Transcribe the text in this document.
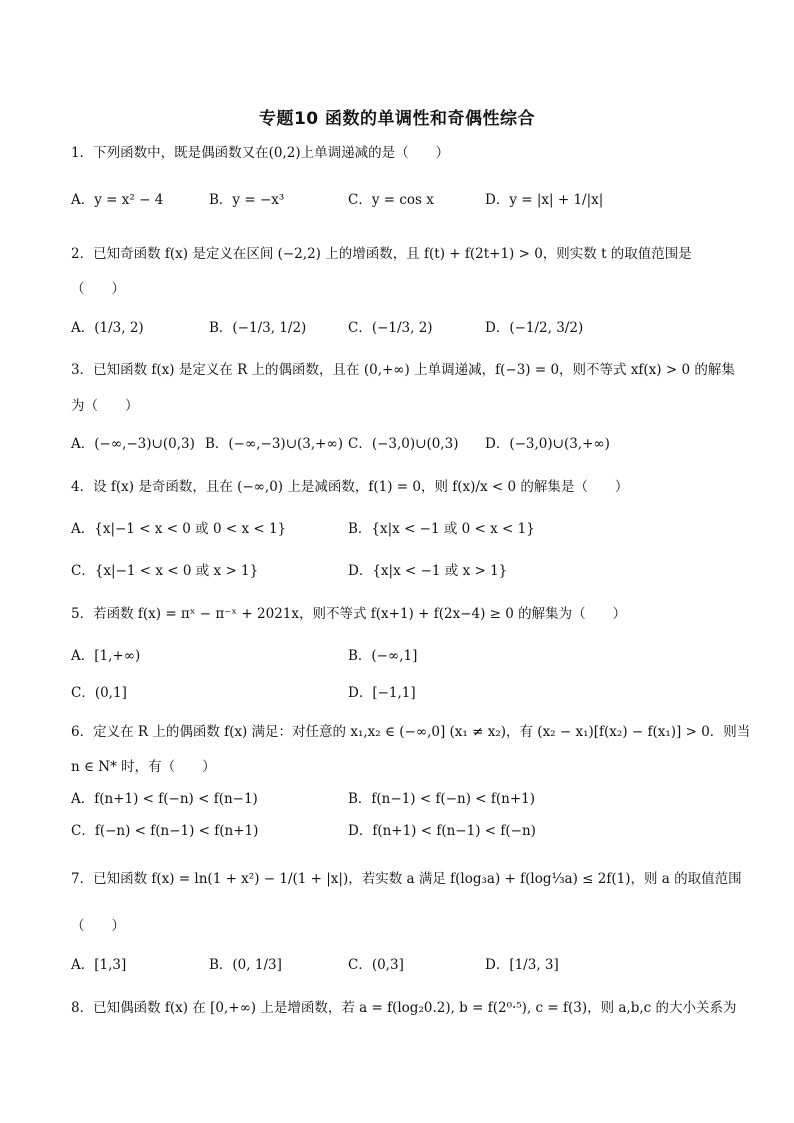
专题10 函数的单调性和奇偶性综合
1．下列函数中，既是偶函数又在(0,2)上单调递减的是（　　）
A．y = x² − 4	B．y = −x³	C．y = cos x	D．y = |x| + 1/|x|
2．已知奇函数 f(x) 是定义在区间 (−2,2) 上的增函数，且 f(t) + f(2t+1) > 0，则实数 t 的取值范围是
（　　）
A．(1/3, 2)	B．(−1/3, 1/2)	C．(−1/3, 2)	D．(−1/2, 3/2)
3．已知函数 f(x) 是定义在 R 上的偶函数，且在 (0,+∞) 上单调递减，f(−3) = 0，则不等式 xf(x) > 0 的解集
为（　　）
A．(−∞,−3)∪(0,3) B．(−∞,−3)∪(3,+∞) C．(−3,0)∪(0,3) D．(−3,0)∪(3,+∞)
4．设 f(x) 是奇函数，且在 (−∞,0) 上是减函数，f(1) = 0，则 f(x)/x < 0 的解集是（　　）
A．{x|−1 < x < 0 或 0 < x < 1}	B．{x|x < −1 或 0 < x < 1}
C．{x|−1 < x < 0 或 x > 1}	D．{x|x < −1 或 x > 1}
5．若函数 f(x) = πˣ − π⁻ˣ + 2021x，则不等式 f(x+1) + f(2x−4) ≥ 0 的解集为（　　）
A．[1,+∞)	B．(−∞,1]
C．(0,1]	D．[−1,1]
6．定义在 R 上的偶函数 f(x) 满足：对任意的 x₁,x₂ ∈ (−∞,0] (x₁ ≠ x₂)，有 (x₂ − x₁)[f(x₂) − f(x₁)] > 0．则当
n ∈ N* 时，有（　　）
A．f(n+1) < f(−n) < f(n−1)	B．f(n−1) < f(−n) < f(n+1)
C．f(−n) < f(n−1) < f(n+1)	D．f(n+1) < f(n−1) < f(−n)
7．已知函数 f(x) = ln(1 + x²) − 1/(1 + |x|)，若实数 a 满足 f(log₃a) + f(log⅓a) ≤ 2f(1)，则 a 的取值范围
（　　）
A．[1,3]	B．(0, 1/3]	C．(0,3]	D．[1/3, 3]
8．已知偶函数 f(x) 在 [0,+∞) 上是增函数，若 a = f(log₂0.2), b = f(2⁰·⁵), c = f(3)，则 a,b,c 的大小关系为
